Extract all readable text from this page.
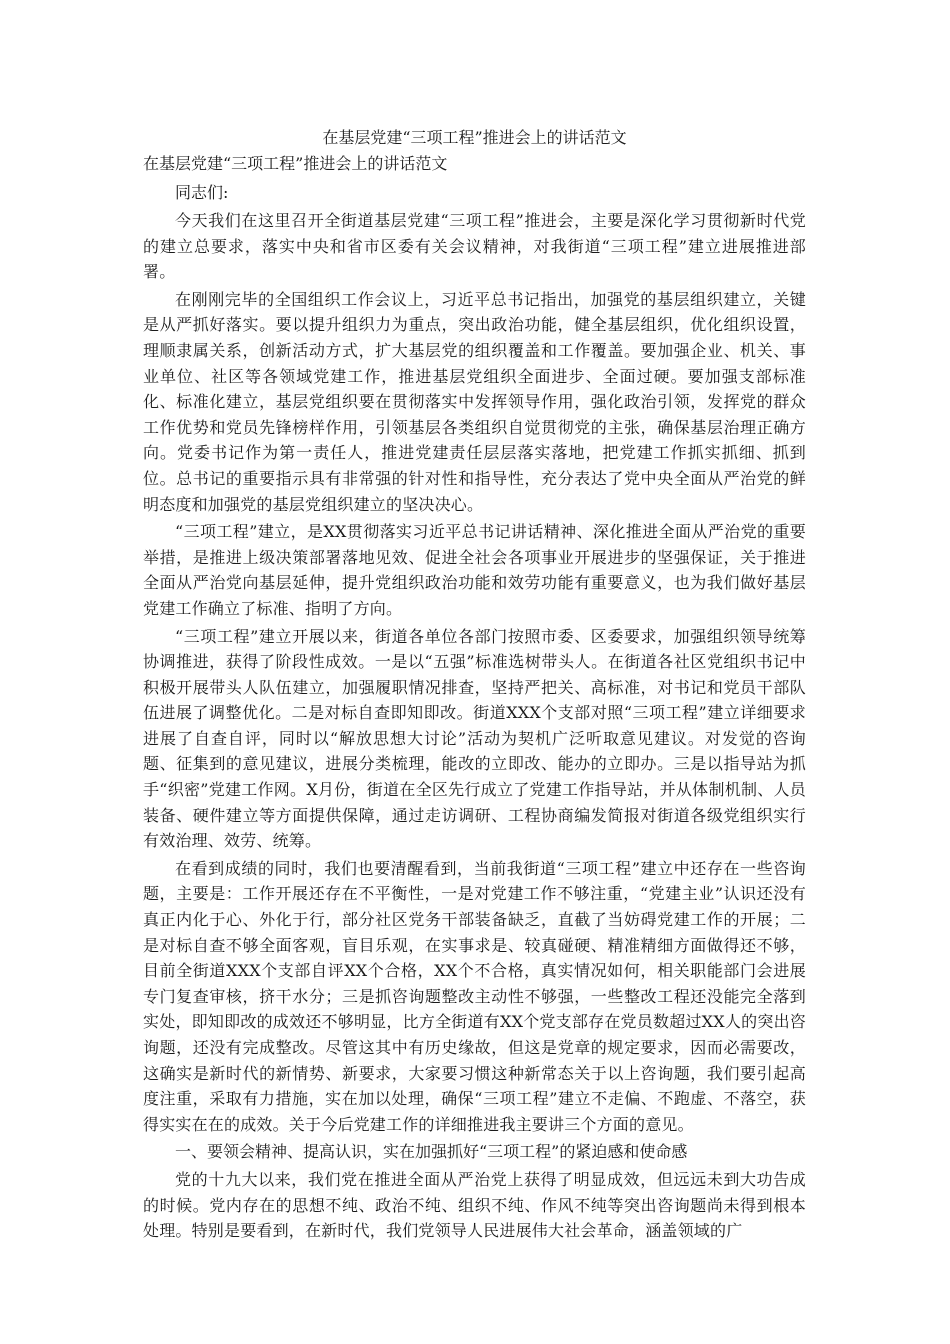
在基层党建“三项工程”推进会上的讲话范文
在基层党建“三项工程”推进会上的讲话范文
同志们:

今天我们在这里召开全街道基层党建“三项工程”推进会，主要是深化学习贯彻新时代党的建立总要求，落实中央和省市区委有关会议精神，对我街道“三项工程”建立进展推进部署。

在刚刚完毕的全国组织工作会议上，习近平总书记指出，加强党的基层组织建立，关键是从严抓好落实。要以提升组织力为重点，突出政治功能，健全基层组织，优化组织设置，理顺隶属关系，创新活动方式，扩大基层党的组织覆盖和工作覆盖。要加强企业、机关、事业单位、社区等各领域党建工作，推进基层党组织全面进步、全面过硬。要加强支部标准化、标准化建立，基层党组织要在贯彻落实中发挥领导作用，强化政治引领，发挥党的群众工作优势和党员先锋榜样作用，引领基层各类组织自觉贯彻党的主张，确保基层治理正确方向。党委书记作为第一责任人，推进党建责任层层落实落地，把党建工作抓实抓细、抓到位。总书记的重要指示具有非常强的针对性和指导性，充分表达了党中央全面从严治党的鲜明态度和加强党的基层党组织建立的坚决决心。

“三项工程”建立，是XX贯彻落实习近平总书记讲话精神、深化推进全面从严治党的重要举措，是推进上级决策部署落地见效、促进全社会各项事业开展进步的坚强保证，关于推进全面从严治党向基层延伸，提升党组织政治功能和效劳功能有重要意义，也为我们做好基层党建工作确立了标准、指明了方向。

“三项工程”建立开展以来，街道各单位各部门按照市委、区委要求，加强组织领导统筹协调推进，获得了阶段性成效。一是以“五强”标准选树带头人。在街道各社区党组织书记中积极开展带头人队伍建立，加强履职情况排查，坚持严把关、高标准，对书记和党员干部队伍进展了调整优化。二是对标自查即知即改。街道XXX个支部对照“三项工程”建立详细要求进展了自查自评，同时以“解放思想大讨论”活动为契机广泛听取意见建议。对发觉的咨询题、征集到的意见建议，进展分类梳理，能改的立即改、能办的立即办。三是以指导站为抓手“织密”党建工作网。X月份，街道在全区先行成立了党建工作指导站，并从体制机制、人员装备、硬件建立等方面提供保障，通过走访调研、工程协商编发简报对街道各级党组织实行有效治理、效劳、统筹。

在看到成绩的同时，我们也要清醒看到，当前我街道“三项工程”建立中还存在一些咨询题，主要是：工作开展还存在不平衡性，一是对党建工作不够注重，“党建主业”认识还没有真正内化于心、外化于行，部分社区党务干部装备缺乏，直截了当妨碍党建工作的开展；二是对标自查不够全面客观，盲目乐观，在实事求是、较真碰硬、精准精细方面做得还不够，目前全街道XXX个支部自评XX个合格，XX个不合格，真实情况如何，相关职能部门会进展专门复查审核，挤干水分；三是抓咨询题整改主动性不够强，一些整改工程还没能完全落到实处，即知即改的成效还不够明显，比方全街道有XX个党支部存在党员数超过XX人的突出咨询题，还没有完成整改。尽管这其中有历史缘故，但这是党章的规定要求，因而必需要改，这确实是新时代的新情势、新要求，大家要习惯这种新常态关于以上咨询题，我们要引起高度注重，采取有力措施，实在加以处理，确保“三项工程”建立不走偏、不跑虚、不落空，获得实实在在的成效。关于今后党建工作的详细推进我主要讲三个方面的意见。

一、要领会精神、提高认识，实在加强抓好“三项工程”的紧迫感和使命感

党的十九大以来，我们党在推进全面从严治党上获得了明显成效，但远远未到大功告成的时候。党内存在的思想不纯、政治不纯、组织不纯、作风不纯等突出咨询题尚未得到根本处理。特别是要看到，在新时代，我们党领导人民进展伟大社会革命，涵盖领域的广
